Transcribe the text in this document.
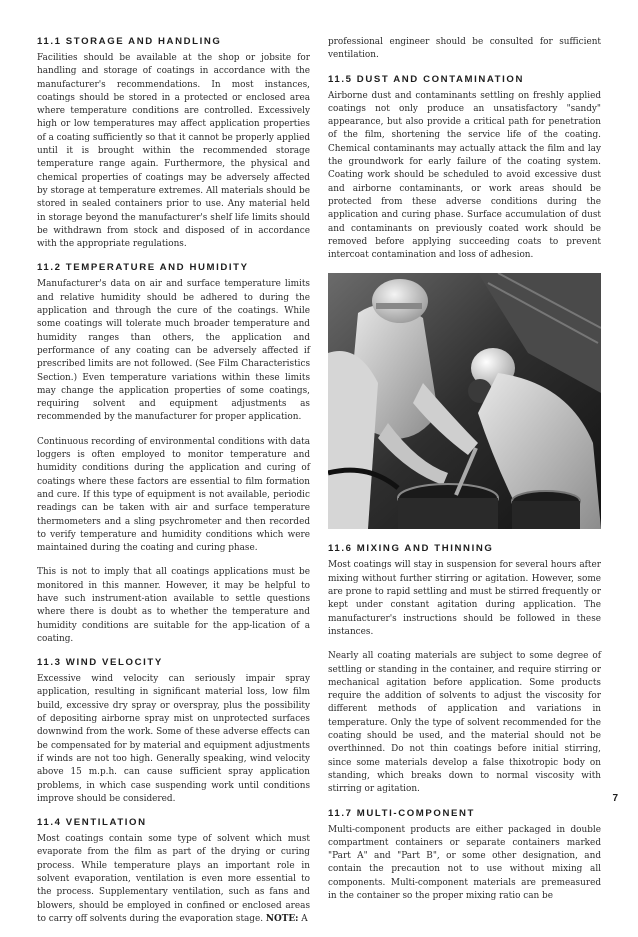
11.1 STORAGE AND HANDLING

Facilities should be available at the shop or jobsite for handling and storage of coatings in accordance with the manufacturer's recommendations. In most instances, coatings should be stored in a protected or enclosed area where temperature conditions are controlled. Excessively high or low temperatures may affect application properties of a coating sufficiently so that it cannot be properly applied until it is brought within the recommended storage temperature range again. Furthermore, the physical and chemical properties of coatings may be adversely affected by storage at temperature extremes. All materials should be stored in sealed containers prior to use. Any material held in storage beyond the manufacturer's shelf life limits should be withdrawn from stock and disposed of in accordance with the appropriate regulations.

11.2 TEMPERATURE AND HUMIDITY

Manufacturer's data on air and surface temperature limits and relative humidity should be adhered to during the application and through the cure of the coatings. While some coatings will tolerate much broader temperature and humidity ranges than others, the application and performance of any coating can be adversely affected if prescribed limits are not followed. (See Film Characteristics Section.) Even temperature variations within these limits may change the application properties of some coatings, requiring solvent and equipment adjustments as recommended by the manufacturer for proper application.

Continuous recording of environmental conditions with data loggers is often employed to monitor temperature and humidity conditions during the application and curing of coatings where these factors are essential to film formation and cure. If this type of equipment is not available, periodic readings can be taken with air and surface temperature thermometers and a sling psychrometer and then recorded to verify temperature and humidity conditions which were maintained during the coating and curing phase.

This is not to imply that all coatings applications must be monitored in this manner. However, it may be helpful to have such instrument-ation available to settle questions where there is doubt as to whether the temperature and humidity conditions are suitable for the app-lication of a coating.

11.3 WIND VELOCITY

Excessive wind velocity can seriously impair spray application, resulting in significant material loss, low film build, excessive dry spray or overspray, plus the possibility of depositing airborne spray mist on unprotected surfaces downwind from the work. Some of these adverse effects can be compensated for by material and equipment adjustments if winds are not too high. Generally speaking, wind velocity above 15 m.p.h. can cause sufficient spray application problems, in which case suspending work until conditions improve should be considered.

11.4 VENTILATION

Most coatings contain some type of solvent which must evaporate from the film as part of the drying or curing process. While temperature plays an important role in solvent evaporation, ventilation is even more essential to the process. Supplementary ventilation, such as fans and blowers, should be employed in confined or enclosed areas to carry off solvents during the evaporation stage. NOTE: A

professional engineer should be consulted for sufficient ventilation.

11.5 DUST AND CONTAMINATION

Airborne dust and contaminants settling on freshly applied coatings not only produce an unsatisfactory "sandy" appearance, but also provide a critical path for penetration of the film, shortening the service life of the coating. Chemical contaminants may actually attack the film and lay the groundwork for early failure of the coating system. Coating work should be scheduled to avoid excessive dust and airborne contaminants, or work areas should be protected from these adverse conditions during the application and curing phase. Surface accumulation of dust and contaminants on previously coated work should be removed before applying succeeding coats to prevent intercoat contamination and loss of adhesion.

11.6 MIXING AND THINNING

Most coatings will stay in suspension for several hours after mixing without further stirring or agitation. However, some are prone to rapid settling and must be stirred frequently or kept under constant agitation during application. The manufacturer's instructions should be followed in these instances.

Nearly all coating materials are subject to some degree of settling or standing in the container, and require stirring or mechanical agitation before application. Some products require the addition of solvents to adjust the viscosity for different methods of application and variations in temperature. Only the type of solvent recommended for the coating should be used, and the material should not be overthinned. Do not thin coatings before initial stirring, since some materials develop a false thixotropic body on standing, which breaks down to normal viscosity with stirring or agitation.

11.7 MULTI-COMPONENT

Multi-component products are either packaged in double compartment containers or separate containers marked "Part A" and "Part B", or some other designation, and contain the precaution not to use without mixing all components. Multi-component materials are premeasured in the container so the proper mixing ratio can be

7
